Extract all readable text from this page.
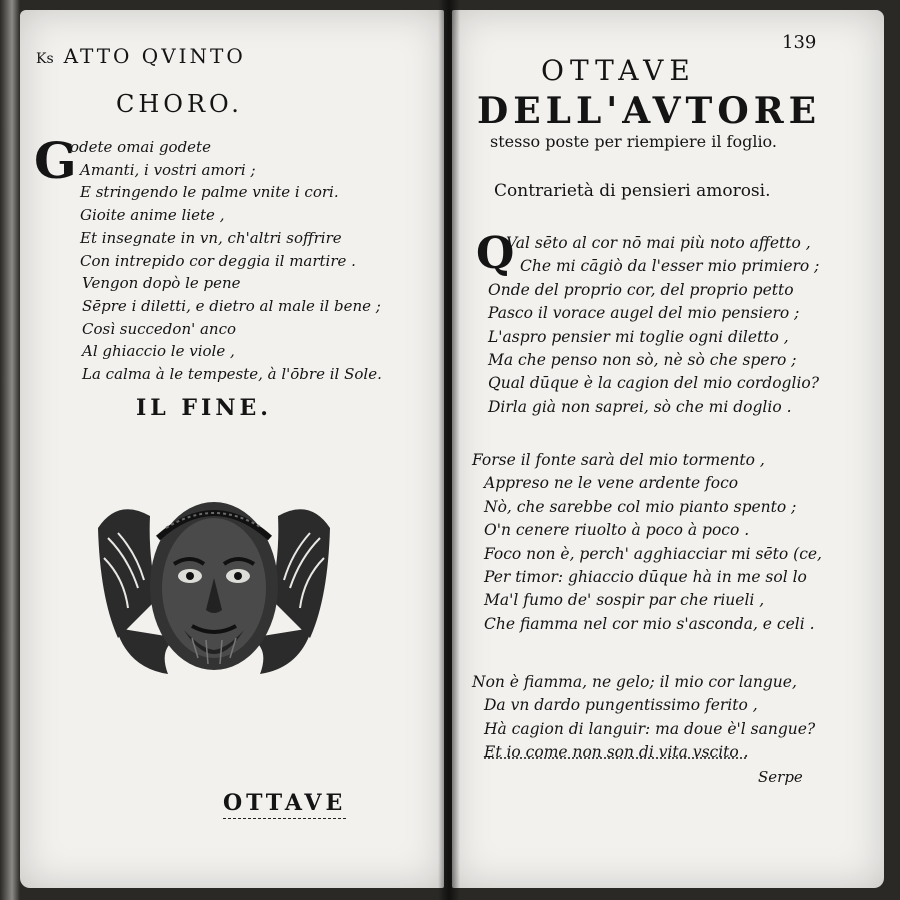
Ks ATTO QVINTO
CHORO.
G
odete omai godete
Amanti, i vostri amori ;
E stringendo le palme vnite i cori.
Gioite anime liete ,
Et insegnate in vn, ch'altri soffrire
Con intrepido cor deggia il martire .
Vengon dopò le pene
Sēpre i diletti, e dietro al male il bene ;
Così succedon' anco
Al ghiaccio le viole ,
La calma à le tempeste, à l'ōbre il Sole.
IL FINE.
OTTAVE
139
OTTAVE
DELL'AVTORE
stesso poste per riempiere il foglio.
Contrarietà di pensieri amorosi.
Q
Val sēto al cor nō mai più noto affetto ,
Che mi cāgiò da l'esser mio primiero ;
Onde del proprio cor, del proprio petto
Pasco il vorace augel del mio pensiero ;
L'aspro pensier mi toglie ogni diletto ,
Ma che penso non sò, nè sò che spero ;
Qual dūque è la cagion del mio cordoglio?
Dirla già non saprei, sò che mi doglio .
Forse il fonte sarà del mio tormento ,
Appreso ne le vene ardente foco
Nò, che sarebbe col mio pianto spento ;
O'n cenere riuolto à poco à poco .
Foco non è, perch' agghiacciar mi sēto (ce,
Per timor: ghiaccio dūque hà in me sol lo
Ma'l fumo de' sospir par che riueli ,
Che fiamma nel cor mio s'asconda, e celi .
Non è fiamma, ne gelo; il mio cor langue,
Da vn dardo pungentissimo ferito ,
Hà cagion di languir: ma doue è'l sangue?
Et io come non son di vita vscito .
Serpe
